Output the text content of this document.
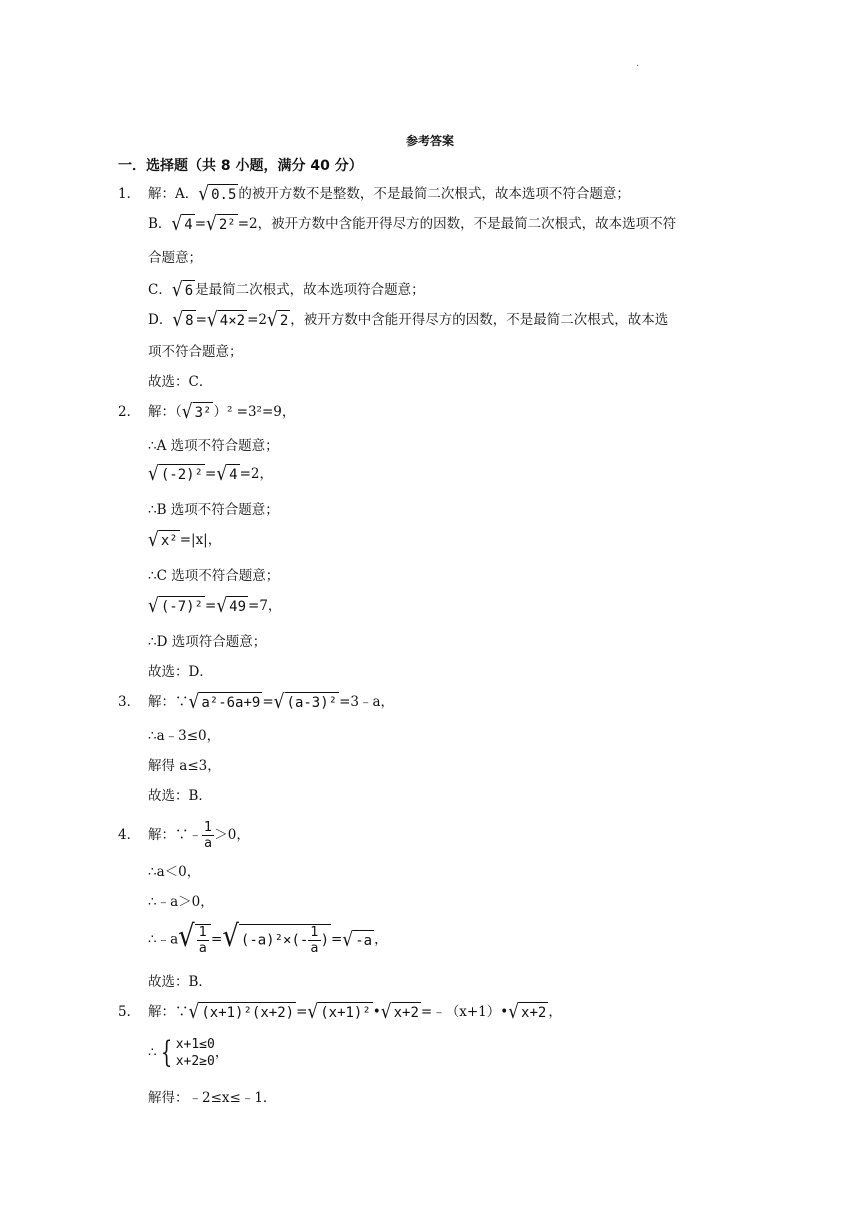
.
参考答案
一．选择题（共 8 小题，满分 40 分）
1． 解：A．√ 0.5 的被开方数不是整数，不是最简二次根式，故本选项不符合题意；
B．√ 4 =√ 2² =2，被开方数中含能开得尽方的因数，不是最简二次根式，故本选项不符
合题意；
C．√ 6 是最简二次根式，故本选项符合题意；
D．√ 8 =√ 4×2 =2√ 2 ，被开方数中含能开得尽方的因数，不是最简二次根式，故本选
项不符合题意；
故选：C．
2． 解：（√ 3² ）² =3²=9，
∴A 选项不符合题意；
√ (-2)² =√ 4 =2，
∴B 选项不符合题意；
√ x² =|x|，
∴C 选项不符合题意；
√ (-7)² =√ 49 =7，
∴D 选项符合题意；
故选：D．
3． 解：∵√ a²-6a+9 =√ (a-3)² =3﹣a，
∴a﹣3≤0，
解得 a≤3，
故选：B．
4． 解：∵﹣ $\frac{1}{a} >0$，
∴a＜0，
∴﹣a＞0，
∴﹣a√ $\frac{1}{a}$ =√ $(-a)^2\times(- \frac{1}{a}$ ) =√ -a ，
故选：B．
5． 解：∵√ (x+1)²(x+2) =√ (x+1)² •√ x+2 =﹣（x+1）•√ x+2 ，
∴ { x+1≤0
x+2≥0
，
解得：﹣2≤x≤﹣1．
